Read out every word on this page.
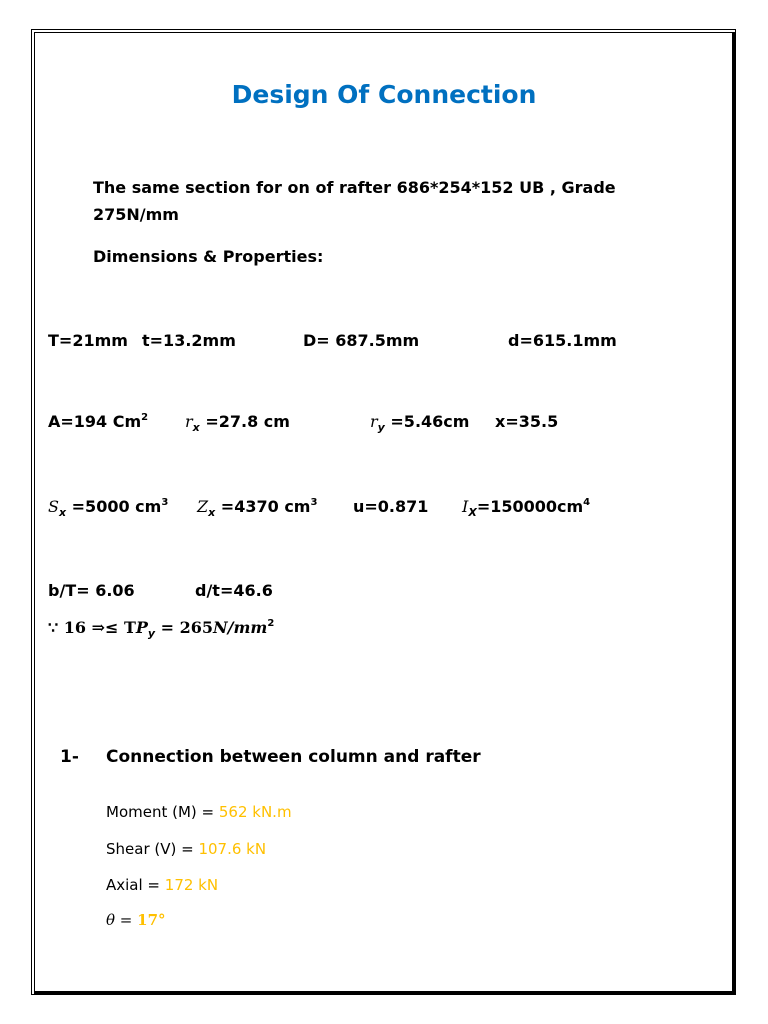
Design Of Connection
The same section for on of rafter 686*254*152 UB , Grade
275N/mm
Dimensions & Properties:
T=21mm t=13.2mm	D= 687.5mm	d=615.1mm
A=194 Cm$^2$ $r_x =27.8$ cm	$r_y =5.46cm$ x=35.5
$S_x =5000$ $cm^3$ $Z_x =4370$ $cm^3$ u=0.871 $I_X=150000cm^4$
b/T= 6.06	d/t=46.6
∵ 16 ⇒≤ $TP_y = 265N/mm^2$
1- Connection between column and rafter
Moment (M) = 562 kN.m
Shear (V) = 107.6 kN
Axial = 172 kN
θ = 17°
